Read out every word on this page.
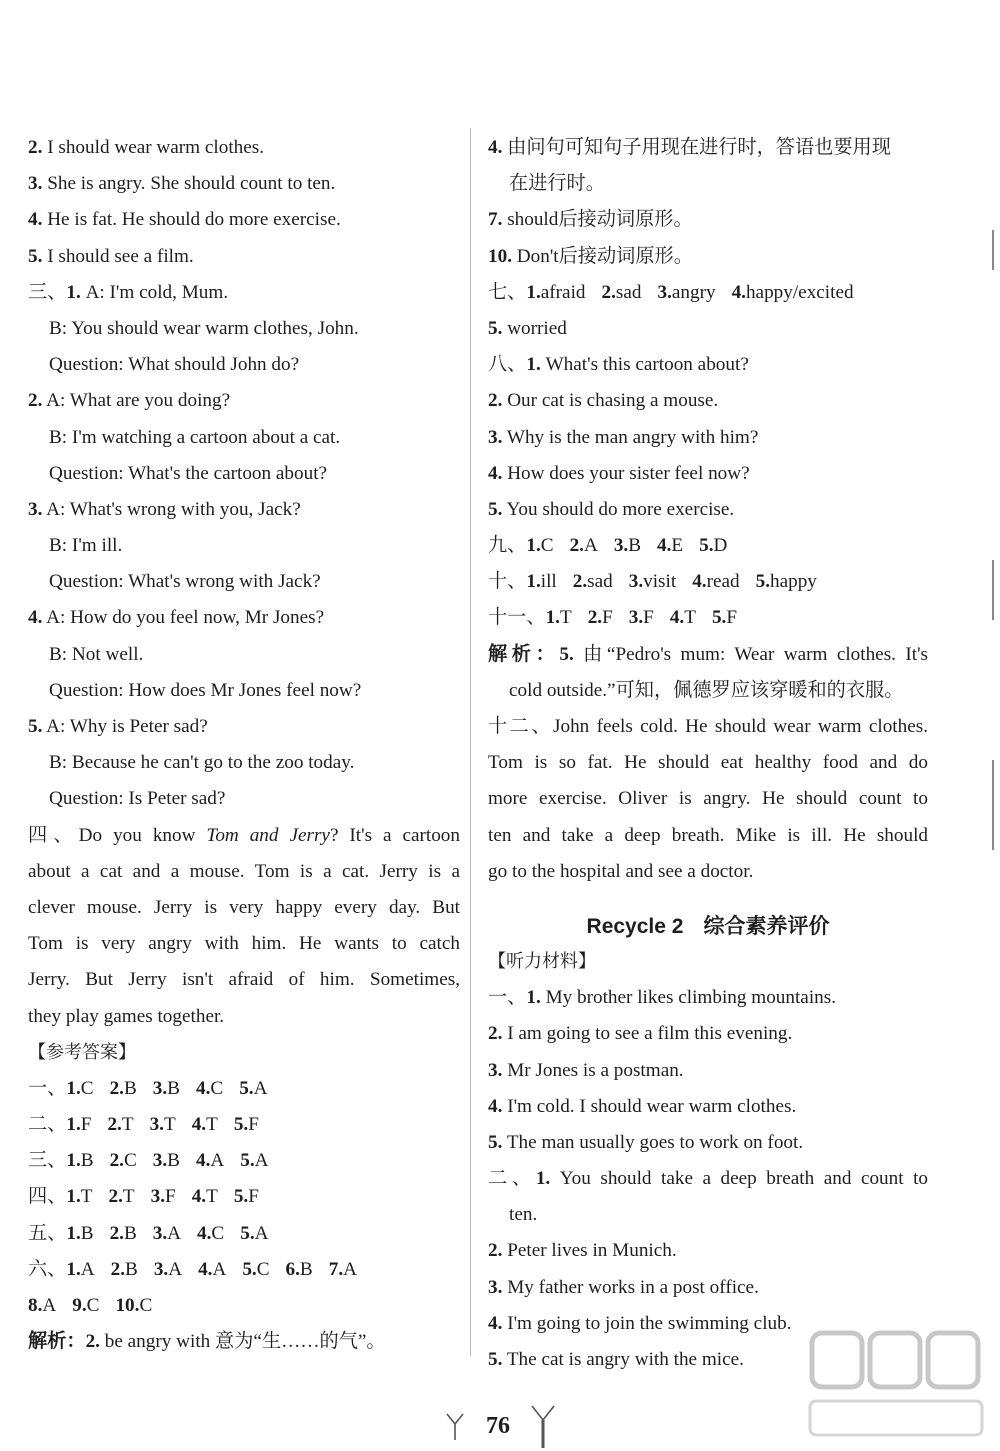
2. I should wear warm clothes.
3. She is angry. She should count to ten.
4. He is fat. He should do more exercise.
5. I should see a film.
三、1. A: I'm cold, Mum.
B: You should wear warm clothes, John.
Question: What should John do?
2. A: What are you doing?
B: I'm watching a cartoon about a cat.
Question: What's the cartoon about?
3. A: What's wrong with you, Jack?
B: I'm ill.
Question: What's wrong with Jack?
4. A: How do you feel now, Mr Jones?
B: Not well.
Question: How does Mr Jones feel now?
5. A: Why is Peter sad?
B: Because he can't go to the zoo today.
Question: Is Peter sad?
四、Do you know Tom and Jerry? It's a cartoon
about a cat and a mouse. Tom is a cat. Jerry is a
clever mouse. Jerry is very happy every day. But
Tom is very angry with him. He wants to catch
Jerry. But Jerry isn't afraid of him. Sometimes,
they play games together.
【参考答案】
一、1.C 2.B 3.B 4.C 5.A
二、1.F 2.T 3.T 4.T 5.F
三、1.B 2.C 3.B 4.A 5.A
四、1.T 2.T 3.F 4.T 5.F
五、1.B 2.B 3.A 4.C 5.A
六、1.A 2.B 3.A 4.A 5.C 6.B 7.A
8.A 9.C 10.C
解析：2. be angry with 意为“生……的气”。
4. 由问句可知句子用现在进行时，答语也要用现
在进行时。
7. should后接动词原形。
10. Don't后接动词原形。
七、1.afraid 2.sad 3.angry 4.happy/excited
5. worried
八、1. What's this cartoon about?
2. Our cat is chasing a mouse.
3. Why is the man angry with him?
4. How does your sister feel now?
5. You should do more exercise.
九、1.C 2.A 3.B 4.E 5.D
十、1.ill 2.sad 3.visit 4.read 5.happy
十一、1.T 2.F 3.F 4.T 5.F
解析：5. 由“Pedro's mum: Wear warm clothes. It's
cold outside.”可知，佩德罗应该穿暖和的衣服。
十二、John feels cold. He should wear warm clothes.
Tom is so fat. He should eat healthy food and do
more exercise. Oliver is angry. He should count to
ten and take a deep breath. Mike is ill. He should
go to the hospital and see a doctor.
Recycle 2 综合素养评价
【听力材料】
一、1. My brother likes climbing mountains.
2. I am going to see a film this evening.
3. Mr Jones is a postman.
4. I'm cold. I should wear warm clothes.
5. The man usually goes to work on foot.
二、1. You should take a deep breath and count to
ten.
2. Peter lives in Munich.
3. My father works in a post office.
4. I'm going to join the swimming club.
5. The cat is angry with the mice.
76
